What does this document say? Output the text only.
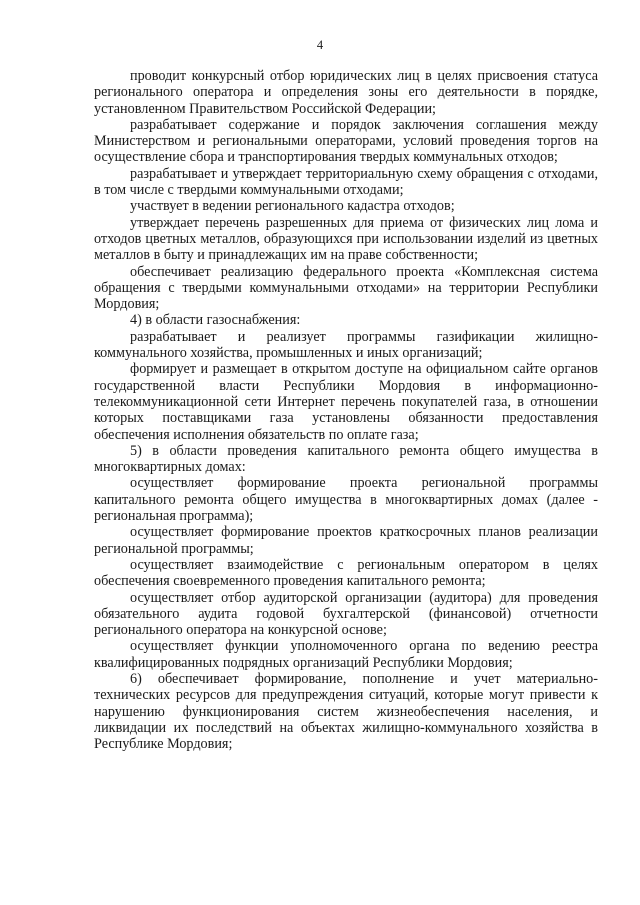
4

проводит конкурсный отбор юридических лиц в целях присвоения статуса регионального оператора и определения зоны его деятельности в порядке, установленном Правительством Российской Федерации;

разрабатывает содержание и порядок заключения соглашения между Министерством и региональными операторами, условий проведения торгов на осуществление сбора и транспортирования твердых коммунальных отходов;

разрабатывает и утверждает территориальную схему обращения с отходами, в том числе с твердыми коммунальными отходами;

участвует в ведении регионального кадастра отходов;

утверждает перечень разрешенных для приема от физических лиц лома и отходов цветных металлов, образующихся при использовании изделий из цветных металлов в быту и принадлежащих им на праве собственности;

обеспечивает реализацию федерального проекта «Комплексная система обращения с твердыми коммунальными отходами» на территории Республики Мордовия;

4) в области газоснабжения:

разрабатывает и реализует программы газификации жилищно-коммунального хозяйства, промышленных и иных организаций;

формирует и размещает в открытом доступе на официальном сайте органов государственной власти Республики Мордовия в информационно-телекоммуникационной сети Интернет перечень покупателей газа, в отношении которых поставщиками газа установлены обязанности предоставления обеспечения исполнения обязательств по оплате газа;

5) в области проведения капитального ремонта общего имущества в многоквартирных домах:

осуществляет формирование проекта региональной программы капитального ремонта общего имущества в многоквартирных домах (далее - региональная программа);

осуществляет формирование проектов краткосрочных планов реализации региональной программы;

осуществляет взаимодействие с региональным оператором в целях обеспечения своевременного проведения капитального ремонта;

осуществляет отбор аудиторской организации (аудитора) для проведения обязательного аудита годовой бухгалтерской (финансовой) отчетности регионального оператора на конкурсной основе;

осуществляет функции уполномоченного органа по ведению реестра квалифицированных подрядных организаций Республики Мордовия;

6) обеспечивает формирование, пополнение и учет материально-технических ресурсов для предупреждения ситуаций, которые могут привести к нарушению функционирования систем жизнеобеспечения населения, и ликвидации их последствий на объектах жилищно-коммунального хозяйства в Республике Мордовия;
